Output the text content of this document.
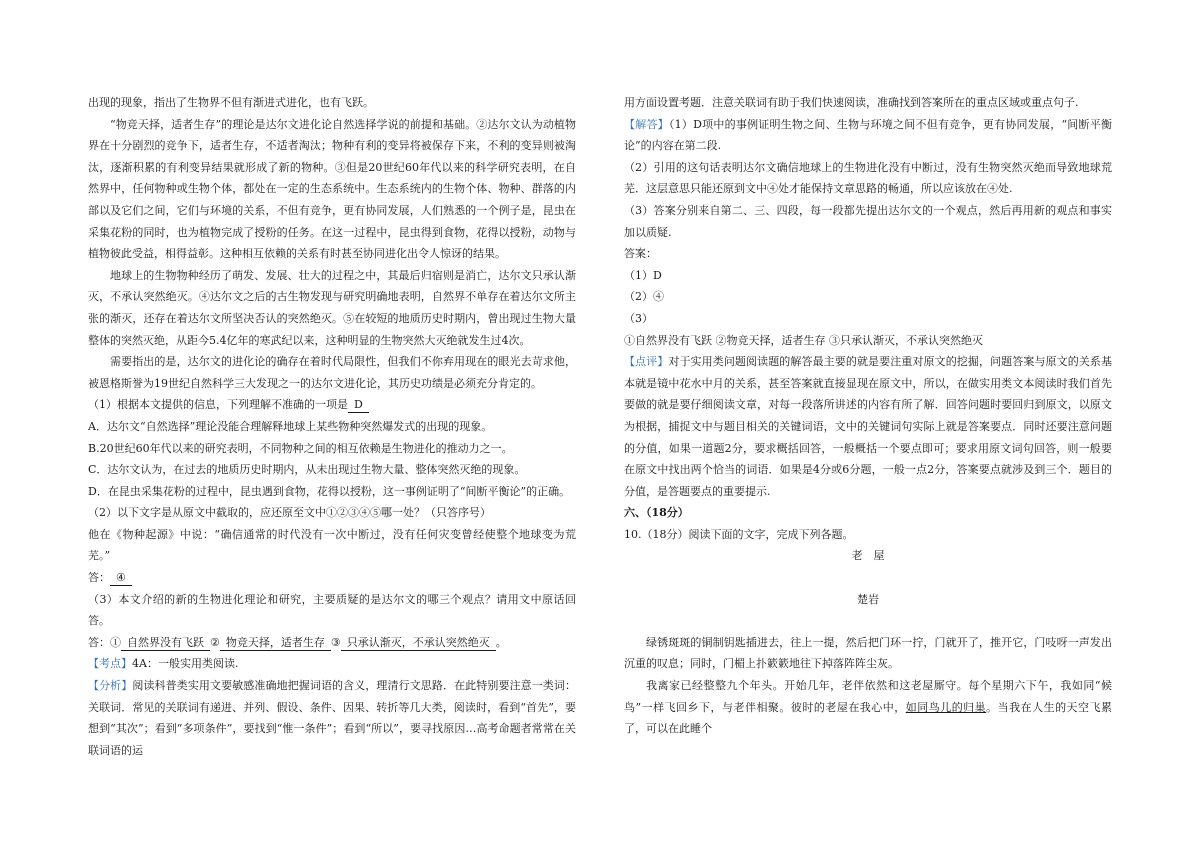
出现的现象，指出了生物界不但有渐进式进化，也有飞跃。

“物竞天择，适者生存”的理论是达尔文进化论自然选择学说的前提和基础。②达尔文认为动植物界在十分剧烈的竞争下，适者生存，不适者淘汰；物种有利的变异将被保存下来，不利的变异则被淘汰，逐渐积累的有利变异结果就形成了新的物种。③但是20世纪60年代以来的科学研究表明，在自然界中，任何物种或生物个体，都处在一定的生态系统中。生态系统内的生物个体、物种、群落的内部以及它们之间，它们与环境的关系，不但有竞争，更有协同发展，人们熟悉的一个例子是，昆虫在采集花粉的同时，也为植物完成了授粉的任务。在这一过程中，昆虫得到食物，花得以授粉，动物与植物彼此受益，相得益彰。这种相互依赖的关系有时甚至协同进化出令人惊讶的结果。

地球上的生物物种经历了萌发、发展、壮大的过程之中，其最后归宿则是消亡，达尔文只承认渐灭，不承认突然绝灭。④达尔文之后的古生物发现与研究明确地表明，自然界不单存在着达尔文所主张的渐灭，还存在着达尔文所坚决否认的突然绝灭。⑤在较短的地质历史时期内，曾出现过生物大量整体的突然灭绝，从距今5.4亿年的寒武纪以来，这种明显的生物突然大灭绝就发生过4次。

需要指出的是，达尔文的进化论的确存在着时代局限性，但我们不你弃用现在的眼光去苛求他，被恩格斯誉为19世纪自然科学三大发现之一的达尔文进化论，其历史功绩是必须充分肯定的。

（1）根据本文提供的信息，下列理解不准确的一项是 D

A．达尔文“自然选择”理论没能合理解释地球上某些物种突然爆发式的出现的现象。

B.20世纪60年代以来的研究表明，不同物种之间的相互依赖是生物进化的推动力之一。

C．达尔文认为，在过去的地质历史时期内，从未出现过生物大量、整体突然灭绝的现象。

D．在昆虫采集花粉的过程中，昆虫遇到食物，花得以授粉，这一事例证明了“间断平衡论”的正确。

（2）以下文字是从原文中截取的，应还原至文中①②③④⑤哪一处？（只答序号）

他在《物种起源》中说：“确信通常的时代没有一次中断过，没有任何灾变曾经使整个地球变为荒芜。”

答： ④

（3）本文介绍的新的生物进化理论和研究，主要质疑的是达尔文的哪三个观点？请用文中原话回答。

答：① 自然界没有飞跃 ② 物竞天择，适者生存 ③ 只承认渐灭，不承认突然绝灭 。

【考点】4A：一般实用类阅读.

【分析】阅读科普类实用文要敏感准确地把握词语的含义，理清行文思路．在此特别要注意一类词：关联词．常见的关联词有递进、并列、假设、条件、因果、转折等几大类，阅读时，看到“首先”，要想到“其次”；看到“多项条件”，要找到“惟一条件”；看到“所以”，要寻找原因…高考命题者常常在关联词语的运

用方面设置考题．注意关联词有助于我们快速阅读，准确找到答案所在的重点区域或重点句子.

【解答】（1）D项中的事例证明生物之间、生物与环境之间不但有竞争，更有协同发展，“间断平衡论”的内容在第二段.

（2）引用的这句话表明达尔文确信地球上的生物进化没有中断过，没有生物突然灭绝而导致地球荒芜．这层意思只能还原到文中④处才能保持文章思路的畅通，所以应该放在④处.

（3）答案分别来自第二、三、四段，每一段都先提出达尔文的一个观点，然后再用新的观点和事实加以质疑.

答案：

（1）D

（2）④

（3）

①自然界没有飞跃 ②物竞天择，适者生存 ③只承认渐灭，不承认突然绝灭

【点评】对于实用类问题阅读题的解答最主要的就是要注重对原文的挖掘，问题答案与原文的关系基本就是镜中花水中月的关系，甚至答案就直接显现在原文中，所以，在做实用类文本阅读时我们首先要做的就是要仔细阅读文章，对每一段落所讲述的内容有所了解．回答问题时要回归到原文，以原文为根据，捕捉文中与题目相关的关键词语，文中的关键词句实际上就是答案要点．同时还要注意问题的分值，如果一道题2分，要求概括回答，一般概括一个要点即可；要求用原文词句回答，则一般要在原文中找出两个恰当的词语．如果是4分或6分题，一般一点2分，答案要点就涉及到三个．题目的分值，是答题要点的重要提示.

六、（18分）

10.（18分）阅读下面的文字，完成下列各题。

老　屋

楚岩

绿锈斑斑的铜制钥匙插进去，往上一提，然后把门环一拧，门就开了，推开它，门吱呀一声发出沉重的叹息；同时，门楣上扑簌簌地往下掉落阵阵尘灰。

我离家已经整整九个年头。开始几年，老伴依然和这老屋厮守。每个星期六下午，我如同“候鸟”一样飞回乡下，与老伴相聚。彼时的老屋在我心中，如同鸟儿的归巢。当我在人生的天空飞累了，可以在此睡个
